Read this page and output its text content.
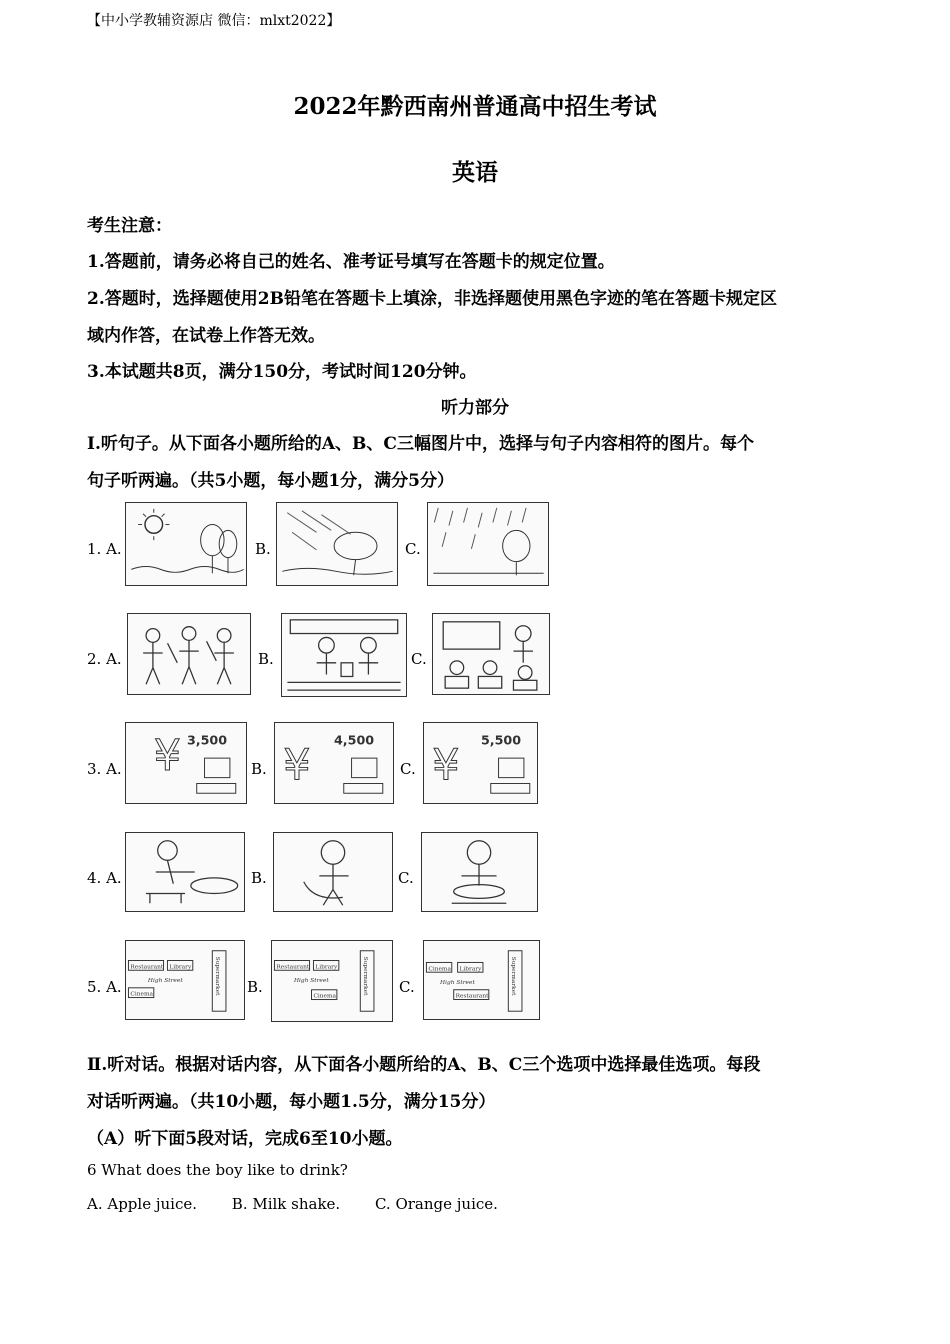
【中小学教辅资源店 微信：mlxt2022】
2022年黔西南州普通高中招生考试
英语
考生注意：
1.答题前，请务必将自己的姓名、准考证号填写在答题卡的规定位置。
2.答题时，选择题使用2B铅笔在答题卡上填涂，非选择题使用黑色字迹的笔在答题卡规定区
域内作答，在试卷上作答无效。
3.本试题共8页，满分150分，考试时间120分钟。
听力部分
Ⅰ.听句子。从下面各小题所给的A、B、C三幅图片中，选择与句子内容相符的图片。每个
句子听两遍。（共5小题，每小题1分，满分5分）
1. A.	B.	C.
2. A.	B.	C.
3. A. ¥ 3,500
B. ¥
4,500
C. ¥
5,500
4. A.	B.	C.
5. A.
Restaurant Library
High Street
Cinema	Supermarket B.
Restaurant Library
High Street
Cinema
Supermarket C.
Cinema Library
High Street
Restaurant
Supermarket
Ⅱ.听对话。根据对话内容，从下面各小题所给的A、B、C三个选项中选择最佳选项。每段
对话听两遍。（共10小题，每小题1.5分，满分15分）
（A）听下面5段对话，完成6至10小题。
6 What does the boy like to drink?
A. Apple juice. B. Milk shake. C. Orange juice.
